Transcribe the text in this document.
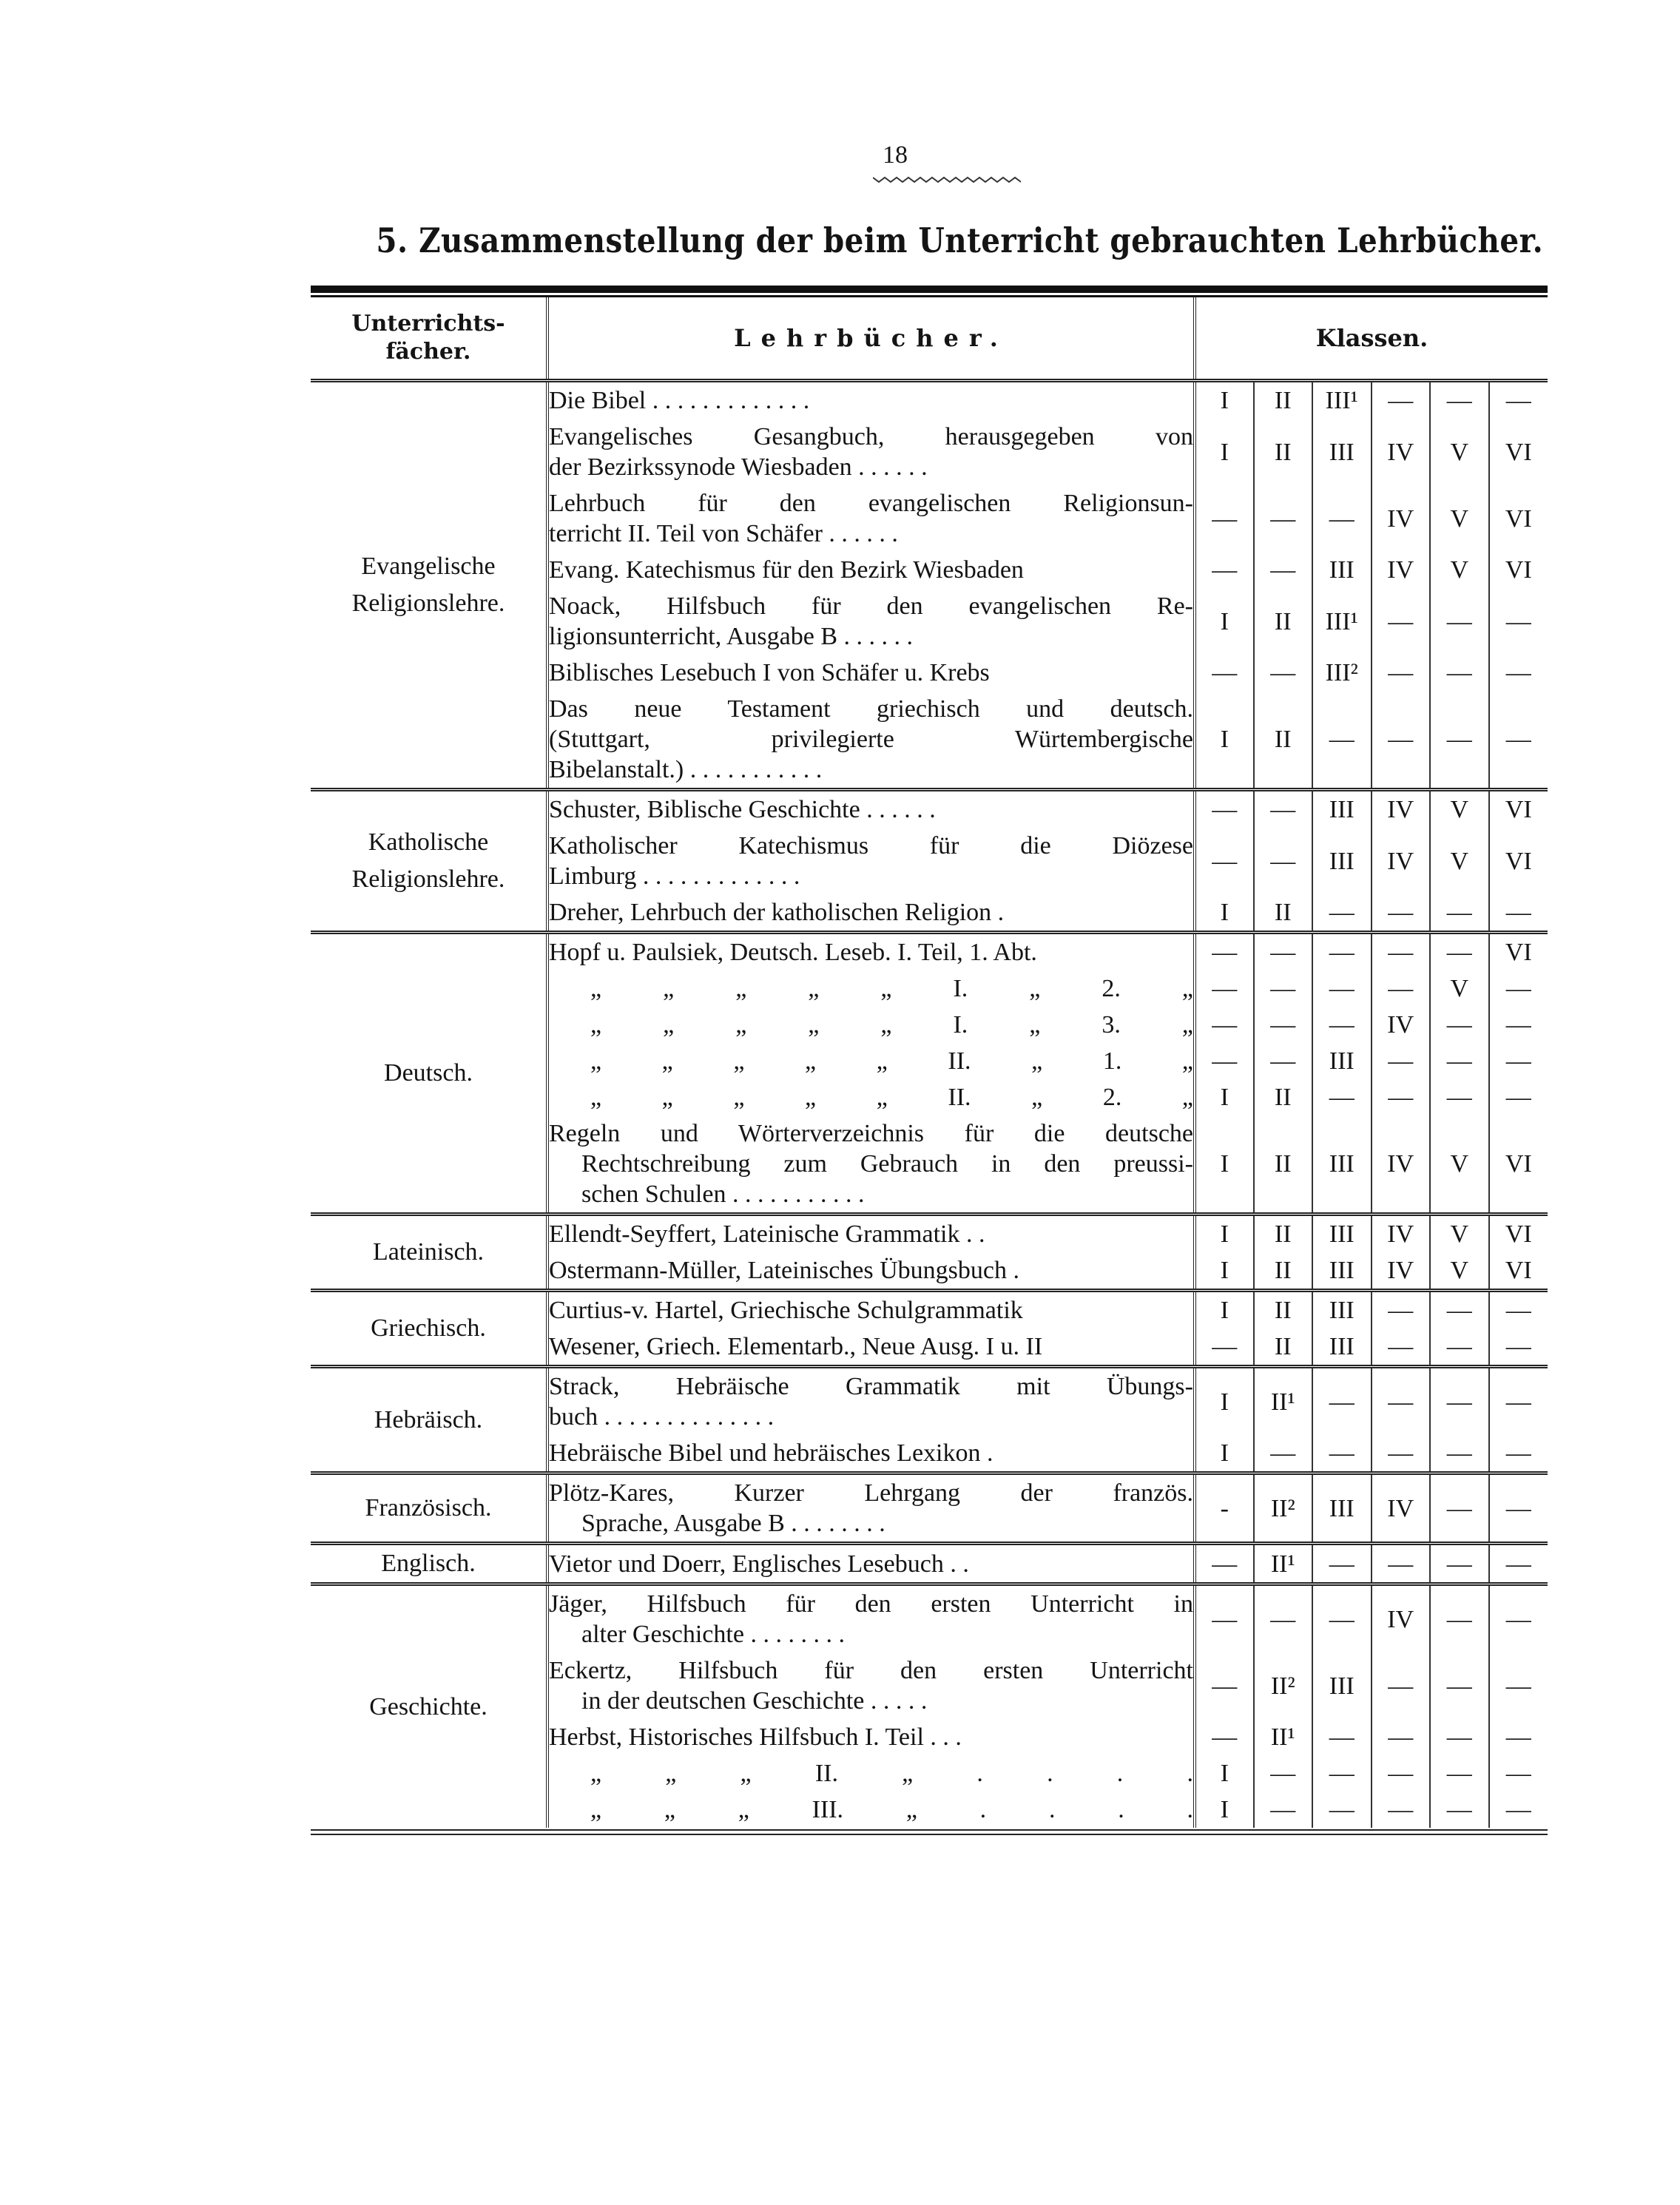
18
5. Zusammenstellung der beim Unterricht gebrauchten Lehrbücher.
Unterrichts-
fächer.	Lehrbücher.	Klassen.					

Evangelische
Religionslehre.	Die Bibel . . . . . . . . . . . . .	I	II	III¹	—	—	—

	Evangelisches Gesangbuch, herausgegeben von
der Bezirkssynode Wiesbaden . . . . . .	I	II	III	IV	V	VI

	Lehrbuch für den evangelischen Religionsun-
terricht II. Teil von Schäfer . . . . . .	—	—	—	IV	V	VI

	Evang. Katechismus für den Bezirk Wiesbaden	—	—	III	IV	V	VI

	Noack, Hilfsbuch für den evangelischen Re-
ligionsunterricht, Ausgabe B . . . . . .	I	II	III¹	—	—	—

	Biblisches Lesebuch I von Schäfer u. Krebs	—	—	III²	—	—	—

	Das neue Testament griechisch und deutsch.
(Stuttgart, privilegierte Würtembergische
Bibelanstalt.) . . . . . . . . . . .	I	II	—	—	—	—

Katholische
Religionslehre.	Schuster, Biblische Geschichte . . . . . .	—	—	III	IV	V	VI

	Katholischer Katechismus für die Diözese
Limburg . . . . . . . . . . . . .	—	—	III	IV	V	VI

	Dreher, Lehrbuch der katholischen Religion .	I	II	—	—	—	—

Deutsch.	Hopf u. Paulsiek, Deutsch. Leseb. I. Teil, 1. Abt.	—	—	—	—	—	VI

	„ „ „ „ „ I. „ 2. „	—	—	—	—	V	—

	„ „ „ „ „ I. „ 3. „	—	—	—	IV	—	—

	„ „ „ „ „ II. „ 1. „	—	—	III	—	—	—

	„ „ „ „ „ II. „ 2. „	I	II	—	—	—	—

	Regeln und Wörterverzeichnis für die deutsche
Rechtschreibung zum Gebrauch in den preussi-
schen Schulen . . . . . . . . . . .	I	II	III	IV	V	VI

Lateinisch.	Ellendt-Seyffert, Lateinische Grammatik . .	I	II	III	IV	V	VI

	Ostermann-Müller, Lateinisches Übungsbuch .	I	II	III	IV	V	VI

Griechisch.	Curtius-v. Hartel, Griechische Schulgrammatik	I	II	III	—	—	—

	Wesener, Griech. Elementarb., Neue Ausg. I u. II	—	II	III	—	—	—

Hebräisch.	Strack, Hebräische Grammatik mit Übungs-
buch . . . . . . . . . . . . . .	I	II¹	—	—	—	—

	Hebräische Bibel und hebräisches Lexikon .	I	—	—	—	—	—

Französisch.	Plötz-Kares, Kurzer Lehrgang der französ.
Sprache, Ausgabe B . . . . . . . .	-	II²	III	IV	—	—

Englisch.	Vietor und Doerr, Englisches Lesebuch . .	—	II¹	—	—	—	—

Geschichte.	Jäger, Hilfsbuch für den ersten Unterricht in
alter Geschichte . . . . . . . .	—	—	—	IV	—	—

	Eckertz, Hilfsbuch für den ersten Unterricht
in der deutschen Geschichte . . . . .	—	II²	III	—	—	—

	Herbst, Historisches Hilfsbuch I. Teil . . .	—	II¹	—	—	—	—

	„ „ „ II. „ . . . .	I	—	—	—	—	—

	„ „ „ III. „ . . . .	I	—	—	—	—	—
